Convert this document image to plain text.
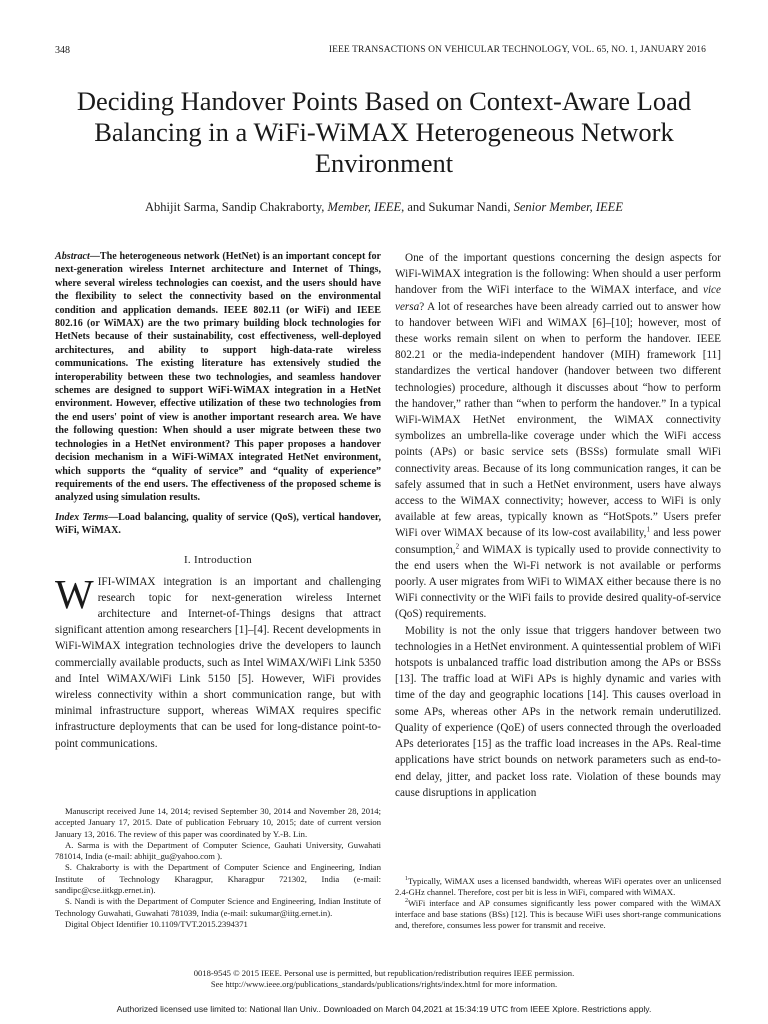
348	IEEE TRANSACTIONS ON VEHICULAR TECHNOLOGY, VOL. 65, NO. 1, JANUARY 2016
Deciding Handover Points Based on Context-Aware Load Balancing in a WiFi-WiMAX Heterogeneous Network Environment
Abhijit Sarma, Sandip Chakraborty, Member, IEEE, and Sukumar Nandi, Senior Member, IEEE

Abstract—The heterogeneous network (HetNet) is an important concept for next-generation wireless Internet architecture and Internet of Things, where several wireless technologies can coexist, and the users should have the flexibility to select the connectivity based on the environmental condition and application demands. IEEE 802.11 (or WiFi) and IEEE 802.16 (or WiMAX) are the two primary building block technologies for HetNets because of their sustainability, cost effectiveness, well-deployed architectures, and ability to support high-data-rate wireless communications. The existing literature has extensively studied the interoperability between these two technologies, and seamless handover schemes are designed to support WiFi-WiMAX integration in a HetNet environment. However, effective utilization of these two technologies from the end users' point of view is another important research area. We have the following question: When should a user migrate between these two technologies in a HetNet environment? This paper proposes a handover decision mechanism in a WiFi-WiMAX integrated HetNet environment, which supports the “quality of service” and “quality of experience” requirements of the end users. The effectiveness of the proposed scheme is analyzed using simulation results.

Index Terms—Load balancing, quality of service (QoS), vertical handover, WiFi, WiMAX.

I. Introduction

WIFI-WIMAX integration is an important and challenging research topic for next-generation wireless Internet architecture and Internet-of-Things designs that attract significant attention among researchers [1]–[4]. Recent developments in WiFi-WiMAX integration technologies drive the developers to launch commercially available products, such as Intel WiMAX/WiFi Link 5350 and Intel WiMAX/WiFi Link 5150 [5]. However, WiFi provides wireless connectivity within a short communication range, but with minimal infrastructure support, whereas WiMAX requires specific infrastructure deployments that can be used for long-distance point-to-point communications.

Manuscript received June 14, 2014; revised September 30, 2014 and November 28, 2014; accepted January 17, 2015. Date of publication February 10, 2015; date of current version January 13, 2016. The review of this paper was coordinated by Y.-B. Lin.

A. Sarma is with the Department of Computer Science, Gauhati University, Guwahati 781014, India (e-mail: abhijit_gu@yahoo.com ).

S. Chakraborty is with the Department of Computer Science and Engineering, Indian Institute of Technology Kharagpur, Kharagpur 721302, India (e-mail: sandipc@cse.iitkgp.ernet.in).

S. Nandi is with the Department of Computer Science and Engineering, Indian Institute of Technology Guwahati, Guwahati 781039, India (e-mail: sukumar@iitg.ernet.in).

Digital Object Identifier 10.1109/TVT.2015.2394371

One of the important questions concerning the design aspects for WiFi-WiMAX integration is the following: When should a user perform handover from the WiFi interface to the WiMAX interface, and vice versa? A lot of researches have been already carried out to answer how to handover between WiFi and WiMAX [6]–[10]; however, most of these works remain silent on when to perform the handover. IEEE 802.21 or the media-independent handover (MIH) framework [11] standardizes the vertical handover (handover between two different technologies) procedure, although it discusses about “how to perform the handover,” rather than “when to perform the handover.” In a typical WiFi-WiMAX HetNet environment, the WiMAX connectivity symbolizes an umbrella-like coverage under which the WiFi access points (APs) or basic service sets (BSSs) formulate small WiFi connectivity areas. Because of its long communication ranges, it can be safely assumed that in such a HetNet environment, users have always access to the WiMAX connectivity; however, access to WiFi is only available at few areas, typically known as “HotSpots.” Users prefer WiFi over WiMAX because of its low-cost availability,$^1$ and less power consumption,$^2$ and WiMAX is typically used to provide connectivity to the end users when the Wi-Fi network is not available or performs poorly. A user migrates from WiFi to WiMAX either because there is no WiFi connectivity or the WiFi fails to provide desired quality-of-service (QoS) requirements.

Mobility is not the only issue that triggers handover between two technologies in a HetNet environment. A quintessential problem of WiFi hotspots is unbalanced traffic load distribution among the APs or BSSs [13]. The traffic load at WiFi APs is highly dynamic and varies with time of the day and geographic locations [14]. This causes overload in some APs, whereas other APs in the network remain underutilized. Quality of experience (QoE) of users connected through the overloaded APs deteriorates [15] as the traffic load increases in the APs. Real-time applications have strict bounds on network parameters such as end-to-end delay, jitter, and packet loss rate. Violation of these bounds may cause disruptions in application

$^1$Typically, WiMAX uses a licensed bandwidth, whereas WiFi operates over an unlicensed 2.4-GHz channel. Therefore, cost per bit is less in WiFi, compared with WiMAX.

$^2$WiFi interface and AP consumes significantly less power compared with the WiMAX interface and base stations (BSs) [12]. This is because WiFi uses short-range communications and, therefore, consumes less power for transmit and receive.

0018-9545 © 2015 IEEE. Personal use is permitted, but republication/redistribution requires IEEE permission.
See http://www.ieee.org/publications_standards/publications/rights/index.html for more information.
Authorized licensed use limited to: National Ilan Univ.. Downloaded on March 04,2021 at 15:34:19 UTC from IEEE Xplore. Restrictions apply.
